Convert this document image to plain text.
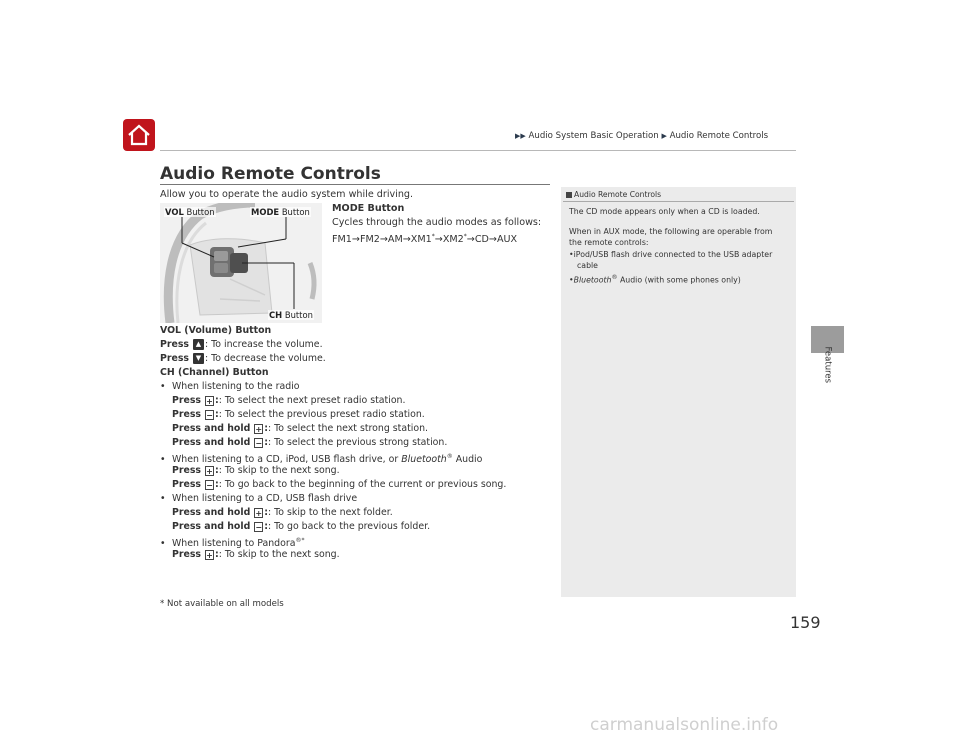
▶▶ Audio System Basic Operation ▶ Audio Remote Controls
Features
Audio Remote Controls
Allow you to operate the audio system while driving.
VOL Button	MODE Button
CH Button
MODE Button
Cycles through the audio modes as follows:
FM1→FM2→AM→XM1*→XM2*→CD→AUX
VOL (Volume) Button
Press ▲ : To increase the volume.
Press ▼ : To decrease the volume.
CH (Channel) Button
• When listening to the radio
Press + :: To select the next preset radio station.
Press − :: To select the previous preset radio station.
Press and hold + :: To select the next strong station.
Press and hold − :: To select the previous strong station.
• When listening to a CD, iPod, USB flash drive, or Bluetooth® Audio
Press + :: To skip to the next song.
Press − :: To go back to the beginning of the current or previous song.
• When listening to a CD, USB flash drive
Press and hold + :: To skip to the next folder.
Press and hold − :: To go back to the previous folder.
• When listening to Pandora®*
Press + :: To skip to the next song.
Audio Remote Controls
The CD mode appears only when a CD is loaded.
When in AUX mode, the following are operable from
the remote controls:
•iPod/USB flash drive connected to the USB adapter
cable
•Bluetooth® Audio (with some phones only)
* Not available on all models
159
carmanualsonline.info
